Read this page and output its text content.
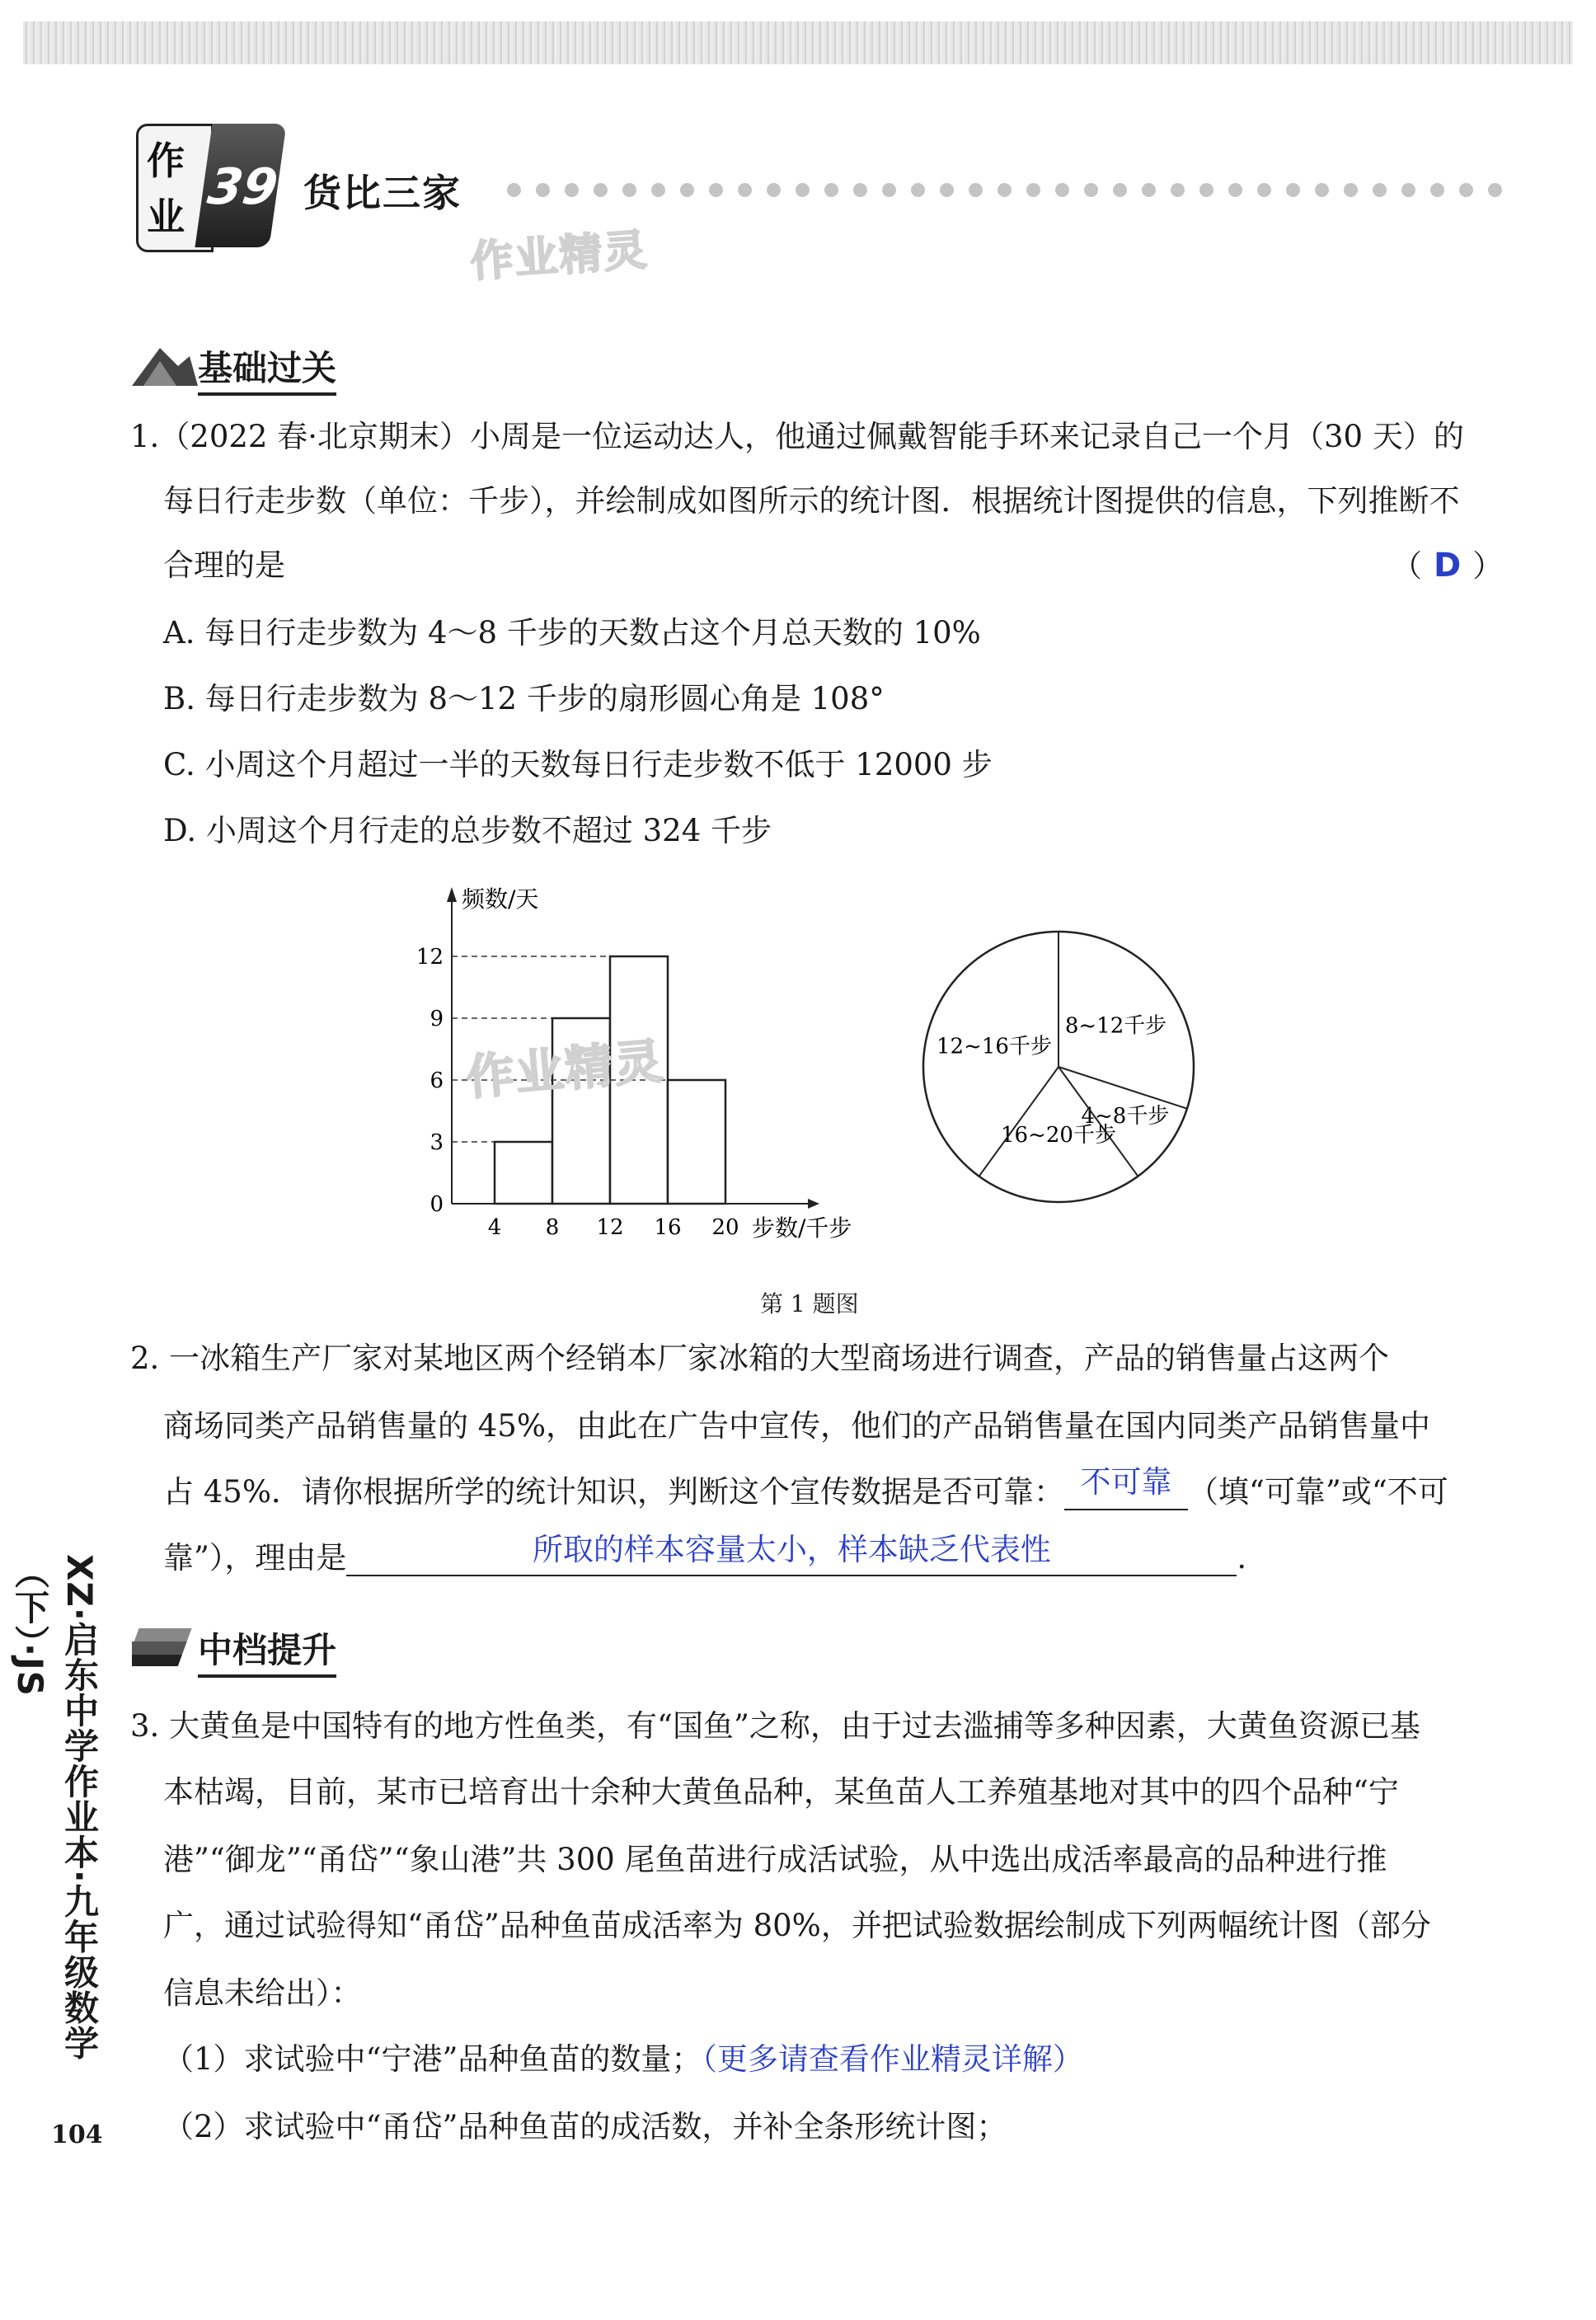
作
业
39 货比三家
作业精灵
基础过关
1.（2022 春·北京期末）小周是一位运动达人，他通过佩戴智能手环来记录自己一个月（30 天）的
每日行走步数（单位：千步），并绘制成如图所示的统计图．根据统计图提供的信息，下列推断不
合理的是	（ D ）
A. 每日行走步数为 4～8 千步的天数占这个月总天数的 10%
B. 每日行走步数为 8～12 千步的扇形圆心角是 108°
C. 小周这个月超过一半的天数每日行走步数不低于 12000 步
D. 小周这个月行走的总步数不超过 324 千步
频数/天
步数/千步
0
3
6
9
12
4 8 12 16 20
作业精灵
8~12千步
4~8千步
16~20千步
12~16千步
第 1 题图
2. 一冰箱生产厂家对某地区两个经销本厂家冰箱的大型商场进行调查，产品的销售量占这两个
商场同类产品销售量的 45%，由此在广告中宣传，他们的产品销售量在国内同类产品销售量中
占 45%．请你根据所学的统计知识，判断这个宣传数据是否可靠： 不可靠 （填“可靠”或“不可
靠”），理由是	所取的样本容量太小，样本缺乏代表性	.
中档提升
3. 大黄鱼是中国特有的地方性鱼类，有“国鱼”之称，由于过去滥捕等多种因素，大黄鱼资源已基
本枯竭，目前，某市已培育出十余种大黄鱼品种，某鱼苗人工养殖基地对其中的四个品种“宁
港”“御龙”“甬岱”“象山港”共 300 尾鱼苗进行成活试验，从中选出成活率最高的品种进行推
广，通过试验得知“甬岱”品种鱼苗成活率为 80%，并把试验数据绘制成下列两幅统计图（部分
信息未给出）：
（1）求试验中“宁港”品种鱼苗的数量；（更多请查看作业精灵详解）
（2）求试验中“甬岱”品种鱼苗的成活数，并补全条形统计图；
XZ·启东中学作业本·九年级数学（下）·JS
104
